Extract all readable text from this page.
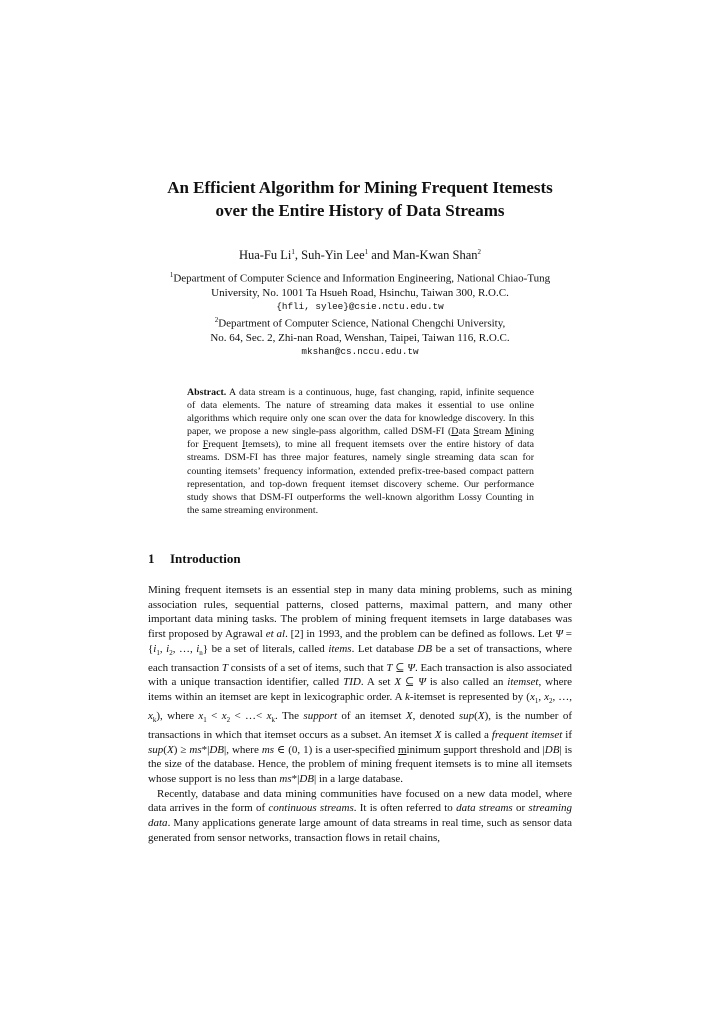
An Efficient Algorithm for Mining Frequent Itemests
over the Entire History of Data Streams
Hua-Fu Li$^1$, Suh-Yin Lee$^1$ and Man-Kwan Shan$^2$
$^1$Department of Computer Science and Information Engineering, National Chiao-Tung
University, No. 1001 Ta Hsueh Road, Hsinchu, Taiwan 300, R.O.C.
{hfli, sylee}@csie.nctu.edu.tw
$^2$Department of Computer Science, National Chengchi University,
No. 64, Sec. 2, Zhi-nan Road, Wenshan, Taipei, Taiwan 116, R.O.C.
mkshan@cs.nccu.edu.tw
Abstract. A data stream is a continuous, huge, fast changing, rapid, infinite sequence of data elements. The nature of streaming data makes it essential to use online algorithms which require only one scan over the data for knowledge discovery. In this paper, we propose a new single-pass algorithm, called DSM-FI (Data Stream Mining for Frequent Itemsets), to mine all frequent itemsets over the entire history of data streams. DSM-FI has three major features, namely single streaming data scan for counting itemsets’ frequency information, extended prefix-tree-based compact pattern representation, and top-down frequent itemset discovery scheme. Our performance study shows that DSM-FI outperforms the well-known algorithm Lossy Counting in the same streaming environment.
1 Introduction

Mining frequent itemsets is an essential step in many data mining problems, such as mining association rules, sequential patterns, closed patterns, maximal pattern, and many other important data mining tasks. The problem of mining frequent itemsets in large databases was first proposed by Agrawal et al. [2] in 1993, and the problem can be defined as follows. Let $\Psi = \{i_1$, $i_2$, …, $i_n$} be a set of literals, called items. Let database DB be a set of transactions, where each transaction T consists of a set of items, such that T ⊆ Ψ. Each transaction is also associated with a unique transaction identifier, called TID. A set X ⊆ Ψ is also called an itemset, where items within an itemset are kept in lexicographic order. A k-itemset is represented by ($x_1$, $x_2$, …, $x_k$), where $x_1 < x_2$ < …< $x_k$. The support of an itemset X, denoted sup(X), is the number of transactions in which that itemset occurs as a subset. An itemset X is called a frequent itemset if sup(X) ≥ ms*|DB|, where ms ∈ (0, 1) is a user-specified minimum support threshold and |DB| is the size of the database. Hence, the problem of mining frequent itemsets is to mine all itemsets whose support is no less than ms*|DB| in a large database.

Recently, database and data mining communities have focused on a new data model, where data arrives in the form of continuous streams. It is often referred to data streams or streaming data. Many applications generate large amount of data streams in real time, such as sensor data generated from sensor networks, transaction flows in retail chains,
